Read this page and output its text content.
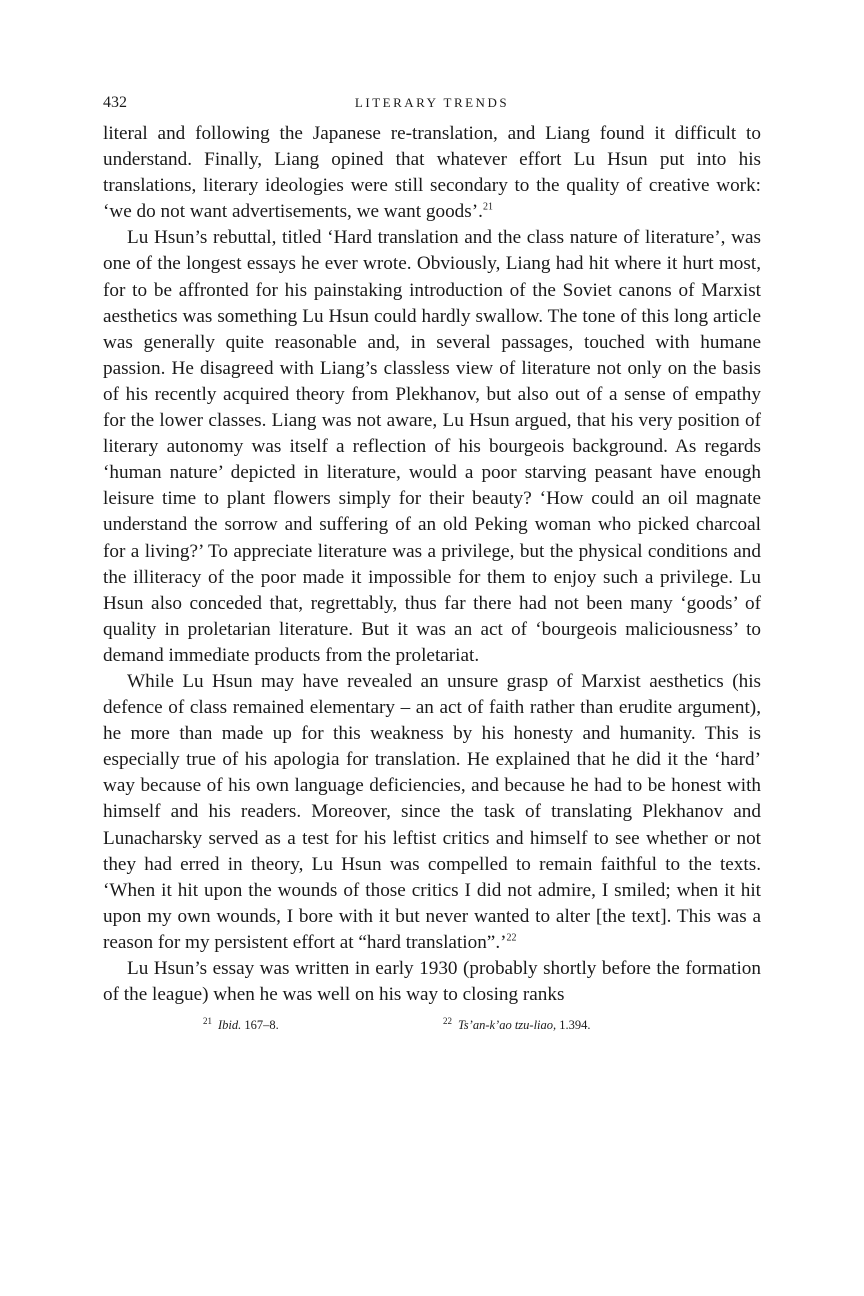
432	LITERARY TRENDS

literal and following the Japanese re-translation, and Liang found it difficult to understand. Finally, Liang opined that whatever effort Lu Hsun put into his translations, literary ideologies were still secondary to the quality of creative work: ‘we do not want advertisements, we want goods’.$^{21}$

Lu Hsun’s rebuttal, titled ‘Hard translation and the class nature of literature’, was one of the longest essays he ever wrote. Obviously, Liang had hit where it hurt most, for to be affronted for his painstaking introduction of the Soviet canons of Marxist aesthetics was something Lu Hsun could hardly swallow. The tone of this long article was generally quite reasonable and, in several passages, touched with humane passion. He disagreed with Liang’s classless view of literature not only on the basis of his recently acquired theory from Plekhanov, but also out of a sense of empathy for the lower classes. Liang was not aware, Lu Hsun argued, that his very position of literary autonomy was itself a reflection of his bourgeois background. As regards ‘human nature’ depicted in literature, would a poor starving peasant have enough leisure time to plant flowers simply for their beauty? ‘How could an oil magnate understand the sorrow and suffering of an old Peking woman who picked charcoal for a living?’ To appreciate literature was a privilege, but the physical conditions and the illiteracy of the poor made it impossible for them to enjoy such a privilege. Lu Hsun also conceded that, regrettably, thus far there had not been many ‘goods’ of quality in proletarian literature. But it was an act of ‘bourgeois maliciousness’ to demand immediate products from the proletariat.

While Lu Hsun may have revealed an unsure grasp of Marxist aesthetics (his defence of class remained elementary – an act of faith rather than erudite argument), he more than made up for this weakness by his honesty and humanity. This is especially true of his apologia for translation. He explained that he did it the ‘hard’ way because of his own language deficiencies, and because he had to be honest with himself and his readers. Moreover, since the task of translating Plekhanov and Lunacharsky served as a test for his leftist critics and himself to see whether or not they had erred in theory, Lu Hsun was compelled to remain faithful to the texts. ‘When it hit upon the wounds of those critics I did not admire, I smiled; when it hit upon my own wounds, I bore with it but never wanted to alter [the text]. This was a reason for my persistent effort at “hard translation”.’$^{22}$

Lu Hsun’s essay was written in early 1930 (probably shortly before the formation of the league) when he was well on his way to closing ranks

$^{21}$ Ibid. 167–8.	$^{22}$ Ts’an-k’ao tzu-liao, 1.394.
